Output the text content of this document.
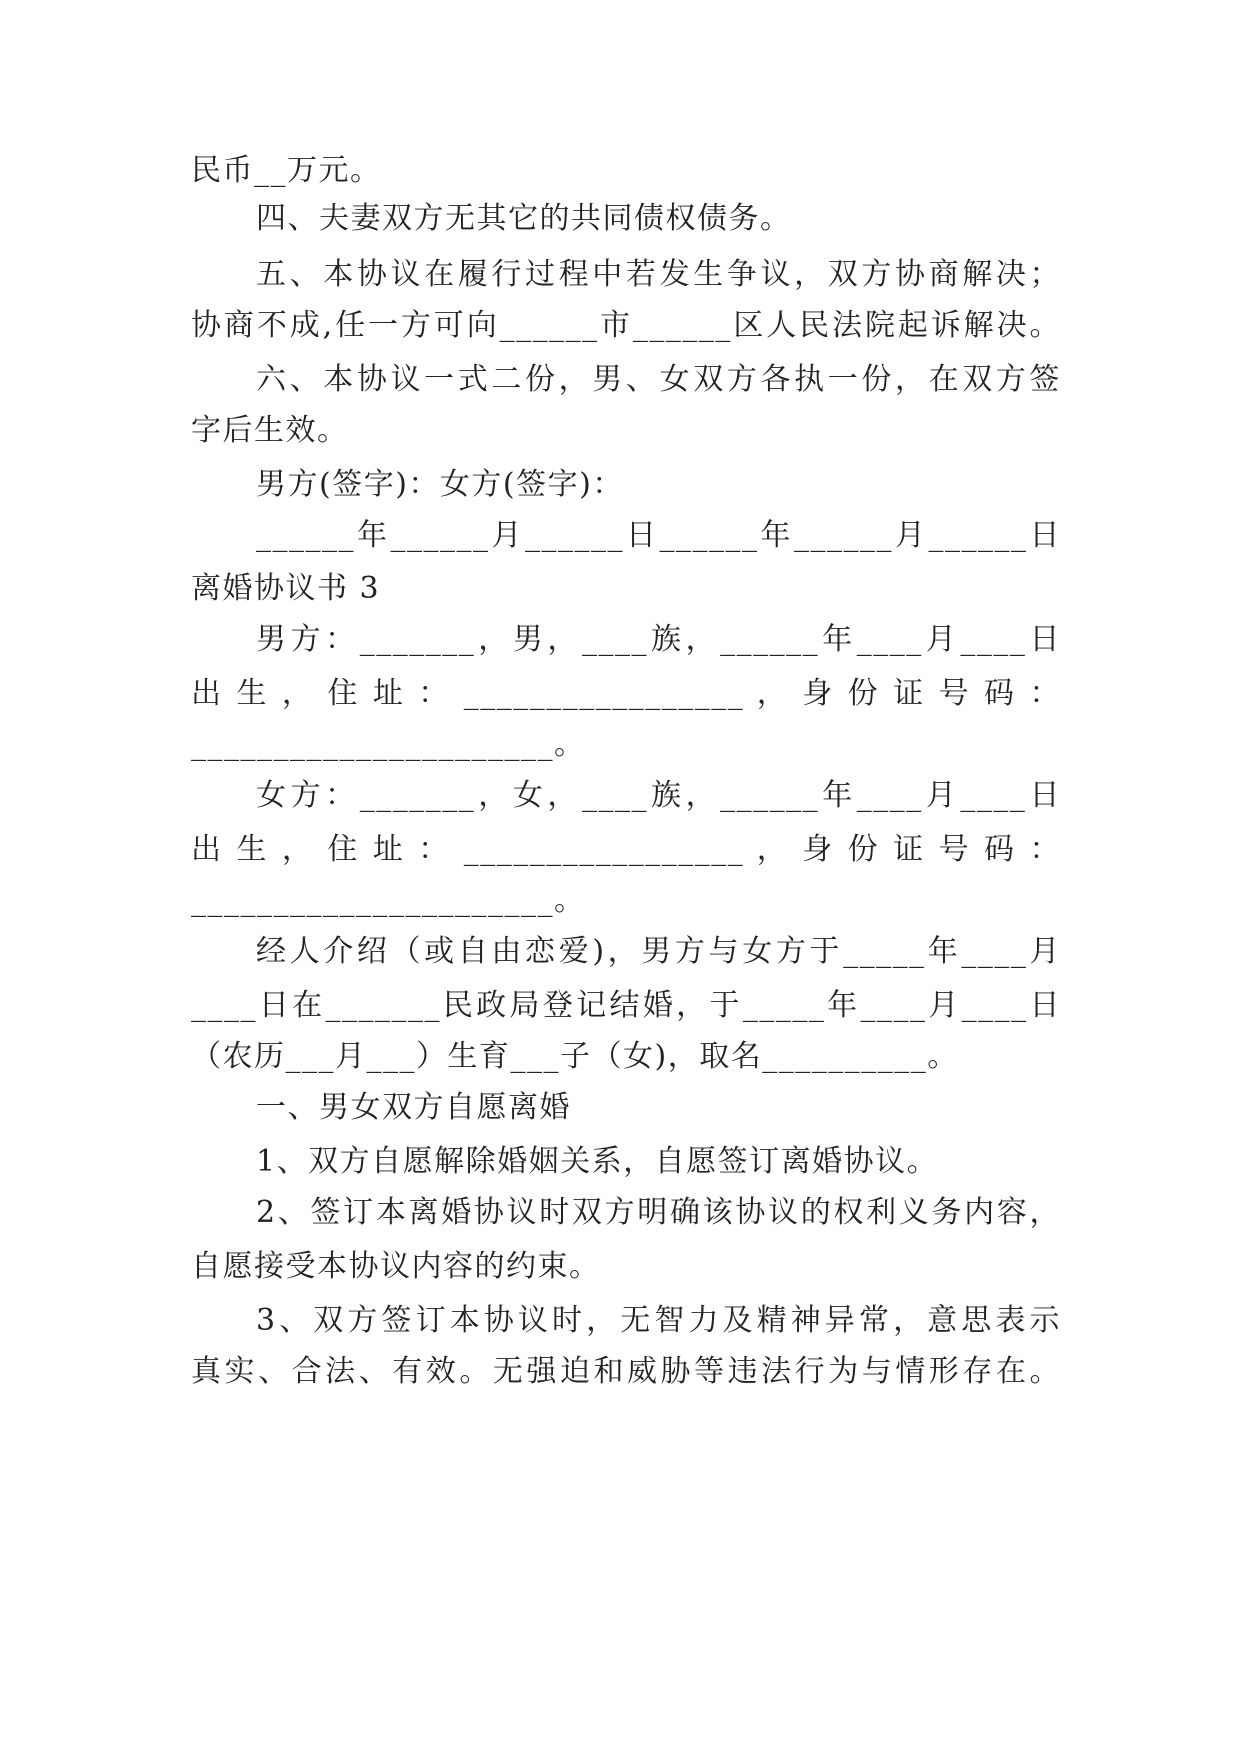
民币__万元。
四、夫妻双方无其它的共同债权债务。
五、本协议在履行过程中若发生争议，双方协商解决；
协商不成,任一方可向______市______区人民法院起诉解决。
六、本协议一式二份，男、女双方各执一份，在双方签
字后生效。
男方(签字)：女方(签字)：
______年______月______日______年______月______日
离婚协议书 3
男方：_______，男，____族，______年____月____日
出 生 ， 住 址 ： _________________ ， 身 份 证 号 码 ：
______________________。
女方：_______，女，____族，______年____月____日
出 生 ， 住 址 ： _________________ ， 身 份 证 号 码 ：
______________________。
经人介绍（或自由恋爱)，男方与女方于_____年____月
____日在_______民政局登记结婚，于_____年____月____日
（农历___月___）生育___子（女)，取名__________。
一、男女双方自愿离婚
1、双方自愿解除婚姻关系，自愿签订离婚协议。
2、签订本离婚协议时双方明确该协议的权利义务内容，
自愿接受本协议内容的约束。
3、双方签订本协议时，无智力及精神异常，意思表示
真实、合法、有效。无强迫和威胁等违法行为与情形存在。
